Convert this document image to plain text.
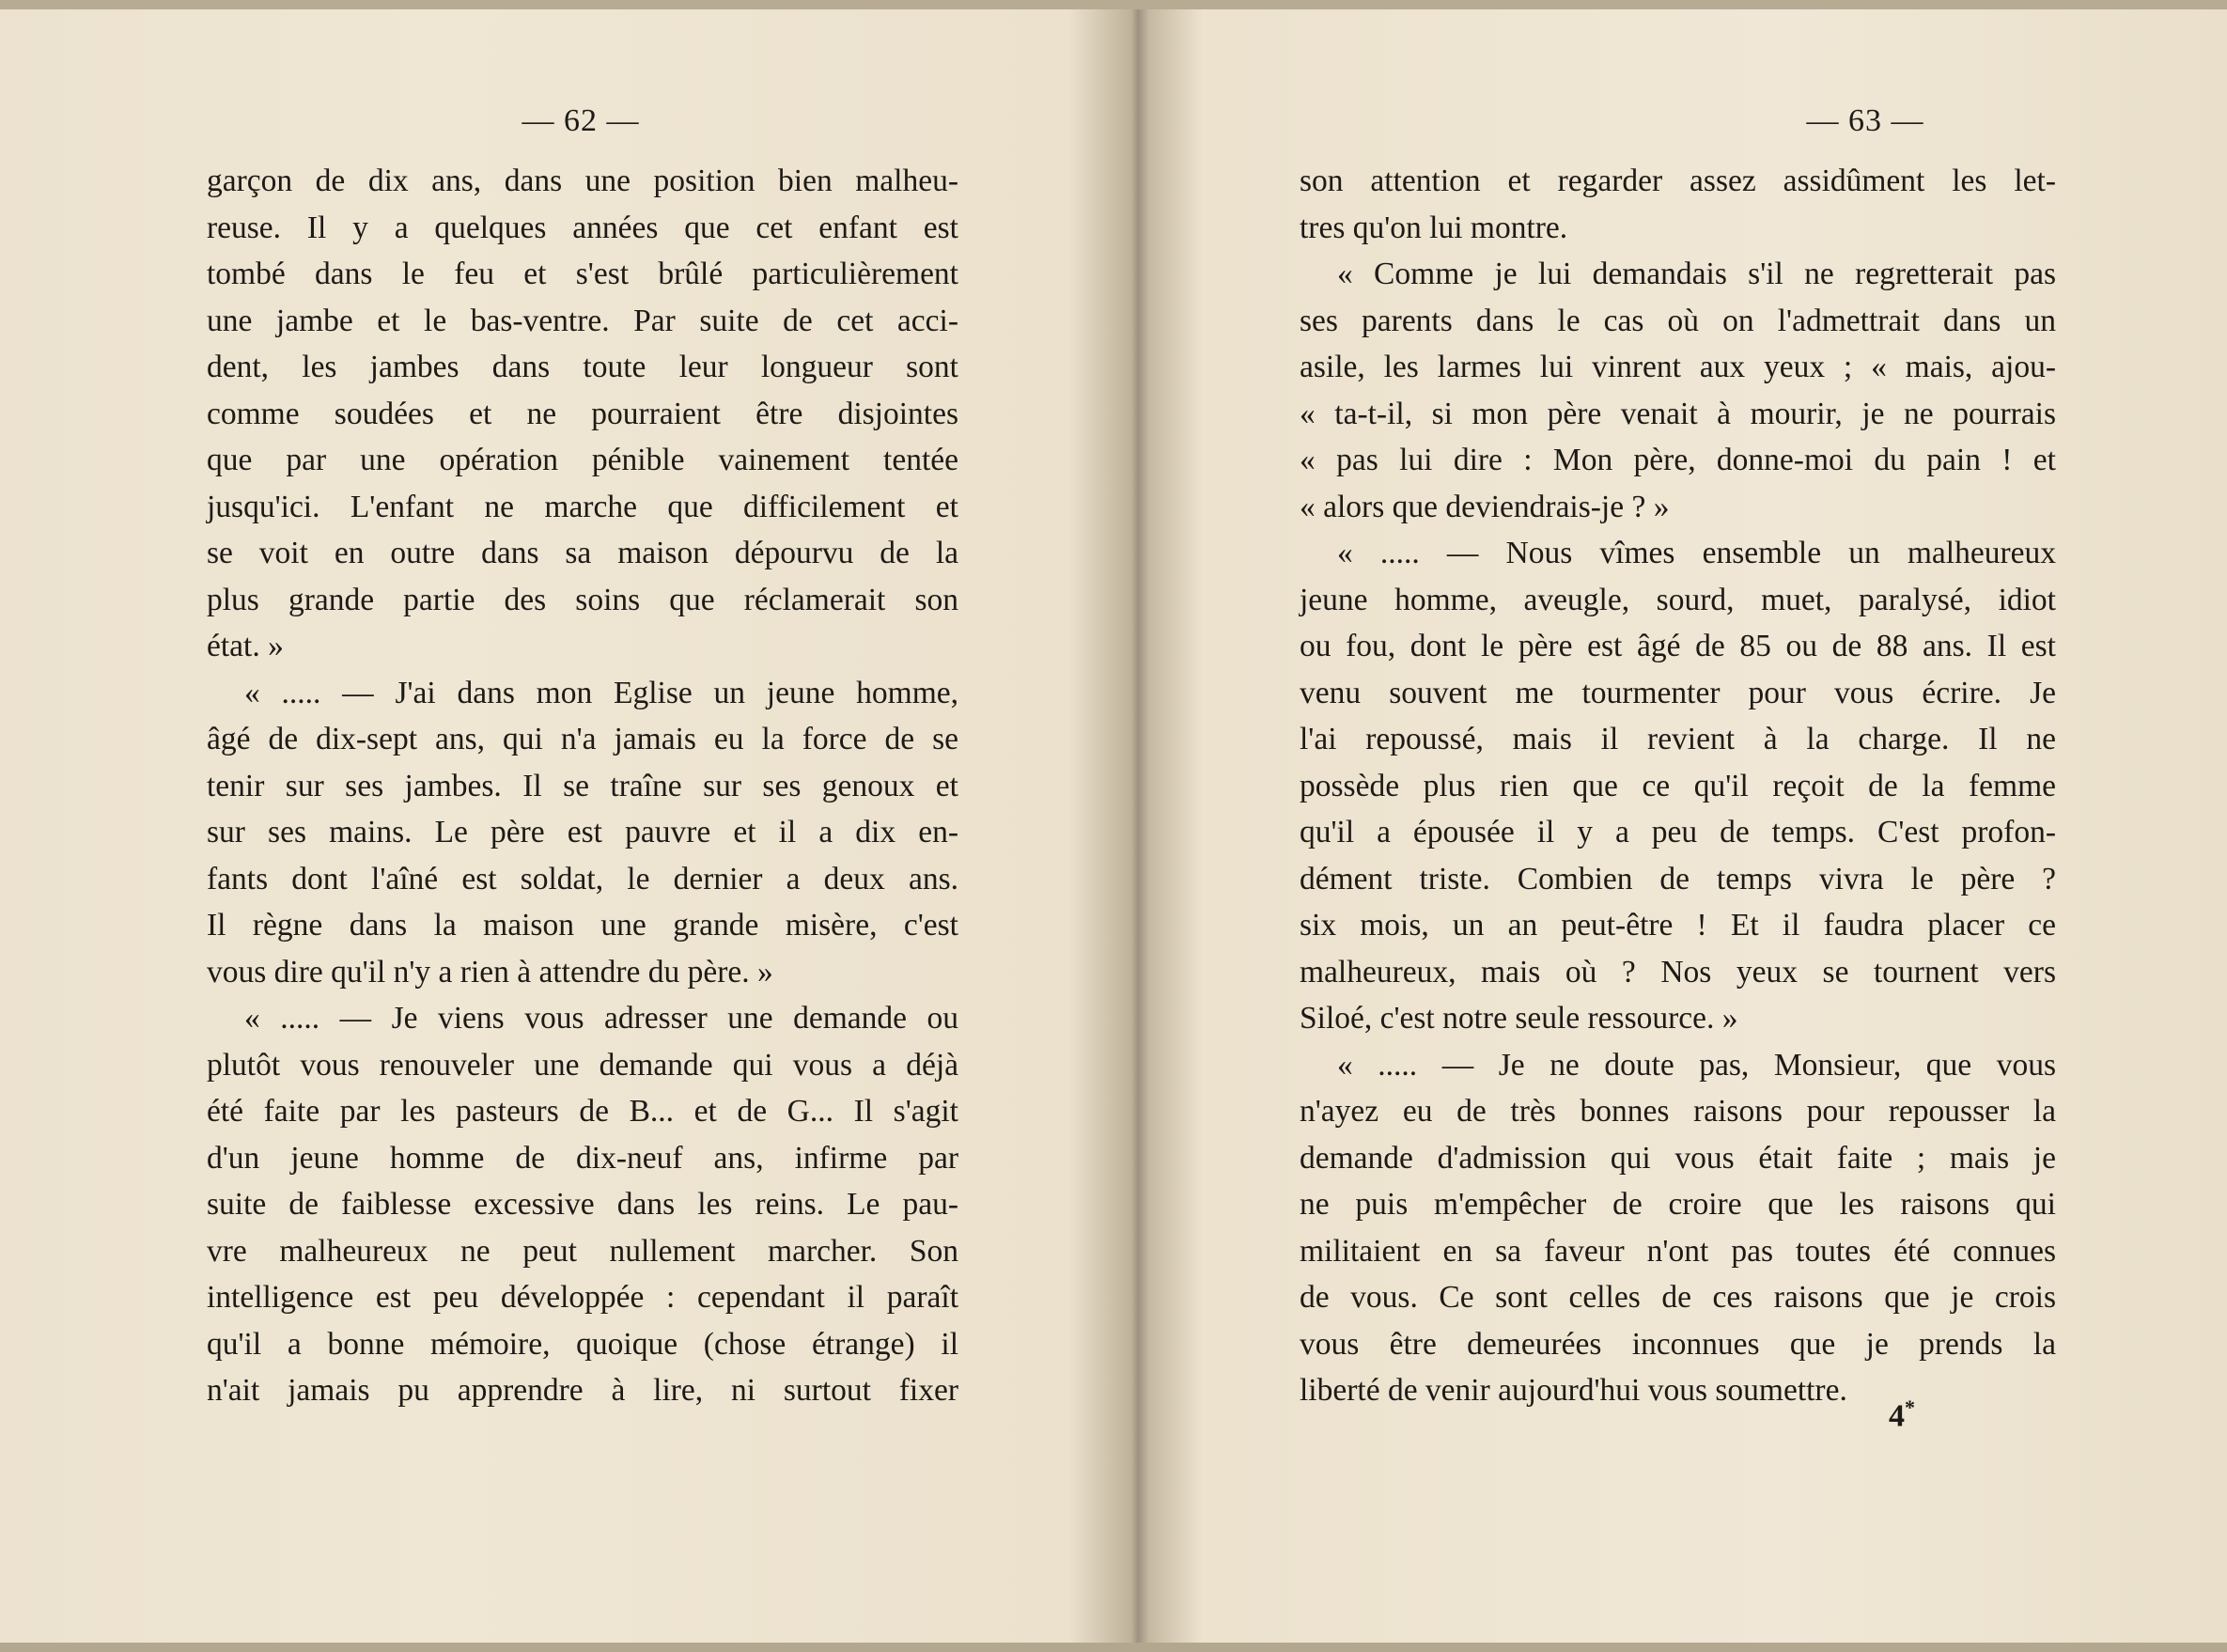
— 62 —
garçon de dix ans, dans une position bien malheu-
reuse. Il y a quelques années que cet enfant est
tombé dans le feu et s'est brûlé particulièrement
une jambe et le bas-ventre. Par suite de cet acci-
dent, les jambes dans toute leur longueur sont
comme soudées et ne pourraient être disjointes
que par une opération pénible vainement tentée
jusqu'ici. L'enfant ne marche que difficilement et
se voit en outre dans sa maison dépourvu de la
plus grande partie des soins que réclamerait son
état. »
« ..... — J'ai dans mon Eglise un jeune homme,
âgé de dix-sept ans, qui n'a jamais eu la force de se
tenir sur ses jambes. Il se traîne sur ses genoux et
sur ses mains. Le père est pauvre et il a dix en-
fants dont l'aîné est soldat, le dernier a deux ans.
Il règne dans la maison une grande misère, c'est
vous dire qu'il n'y a rien à attendre du père. »
« ..... — Je viens vous adresser une demande ou
plutôt vous renouveler une demande qui vous a déjà
été faite par les pasteurs de B... et de G... Il s'agit
d'un jeune homme de dix-neuf ans, infirme par
suite de faiblesse excessive dans les reins. Le pau-
vre malheureux ne peut nullement marcher. Son
intelligence est peu développée : cependant il paraît
qu'il a bonne mémoire, quoique (chose étrange) il
n'ait jamais pu apprendre à lire, ni surtout fixer
— 63 —
son attention et regarder assez assidûment les let-
tres qu'on lui montre.
« Comme je lui demandais s'il ne regretterait pas
ses parents dans le cas où on l'admettrait dans un
asile, les larmes lui vinrent aux yeux ; « mais, ajou-
« ta-t-il, si mon père venait à mourir, je ne pourrais
« pas lui dire : Mon père, donne-moi du pain ! et
« alors que deviendrais-je ? »
« ..... — Nous vîmes ensemble un malheureux
jeune homme, aveugle, sourd, muet, paralysé, idiot
ou fou, dont le père est âgé de 85 ou de 88 ans. Il est
venu souvent me tourmenter pour vous écrire. Je
l'ai repoussé, mais il revient à la charge. Il ne
possède plus rien que ce qu'il reçoit de la femme
qu'il a épousée il y a peu de temps. C'est profon-
dément triste. Combien de temps vivra le père ?
six mois, un an peut-être ! Et il faudra placer ce
malheureux, mais où ? Nos yeux se tournent vers
Siloé, c'est notre seule ressource. »
« ..... — Je ne doute pas, Monsieur, que vous
n'ayez eu de très bonnes raisons pour repousser la
demande d'admission qui vous était faite ; mais je
ne puis m'empêcher de croire que les raisons qui
militaient en sa faveur n'ont pas toutes été connues
de vous. Ce sont celles de ces raisons que je crois
vous être demeurées inconnues que je prends la
liberté de venir aujourd'hui vous soumettre.
4*
